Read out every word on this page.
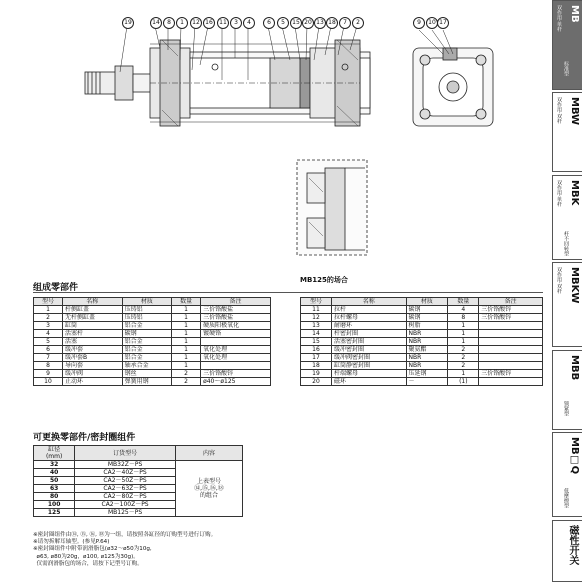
19	14	8	1	12 16	11	3	4	6	5	15 20 13 18	7	2	9	10 17
MB125的场合
组成零部件
型号	名称	材质	数量	备注
1	杆侧缸盖	压铸铝	1	三价铬酸盐
2	无杆侧缸盖	压铸铝	1	三价铬酸盐
3	缸筒	铝合金	1	硬质阳极氧化
4	活塞杆	碳钢	1	镀硬铬
5	活塞	铝合金	1	
6	缓冲套	铝合金	1	氧化处理
7	缓冲套B	铝合金	1	氧化处理
8	导向套	轴承合金	1	
9	缓冲阀	钢丝	2	三价铬酸锌
10	止动环	弹簧用钢	2	ø40～ø125
型号	名称	材质	数量	备注
11	拉杆	碳钢	4	三价铬酸锌
12	拉杆螺母	碳钢	8	三价铬酸锌
13	耐磨环	树脂	1	
14	杆密封圈	NBR	1	
15	活塞密封圈	NBR	1	
16	缓冲密封圈	聚氨酯	2	
17	缓冲阀密封圈	NBR	2	
18	缸筒静密封圈	NBR	2	
19	杆端螺母	压延钢	1	三价铬酸锌
20	磁环	－	(1)	
可更换零部件/密封圈组件
缸径
(mm)	订货型号	内容
32	MB32Z－PS	上表型号
⑭,⑮,⑯,⑱
的组合
40	CA2－40Z－PS	
50	CA2－50Z－PS	
63	CA2－63Z－PS	
80	CA2－80Z－PS	
100	CA2－100Z－PS	
125	MB125－PS	
※密封圈组件由⑭, ⑮, ⑯, ⑱为一组，请按照各缸径的订购型号进行订购。
※请勿拆解耳轴型。(参见P.64)
※密封圈组件中附带润滑脂包(ø32～ø50为10g,
ø63, ø80为20g，ø100, ø125为30g)。
仅需润滑脂包的场合，请按下记型号订购。
MB
双作用·单杆
标准型
MBW
双作用·双杆
MBK
双作用·单杆
杆不回转型
MBKW
双作用·双杆
MBB
锁紧型
MB□Q
低摩擦型
磁性开关
